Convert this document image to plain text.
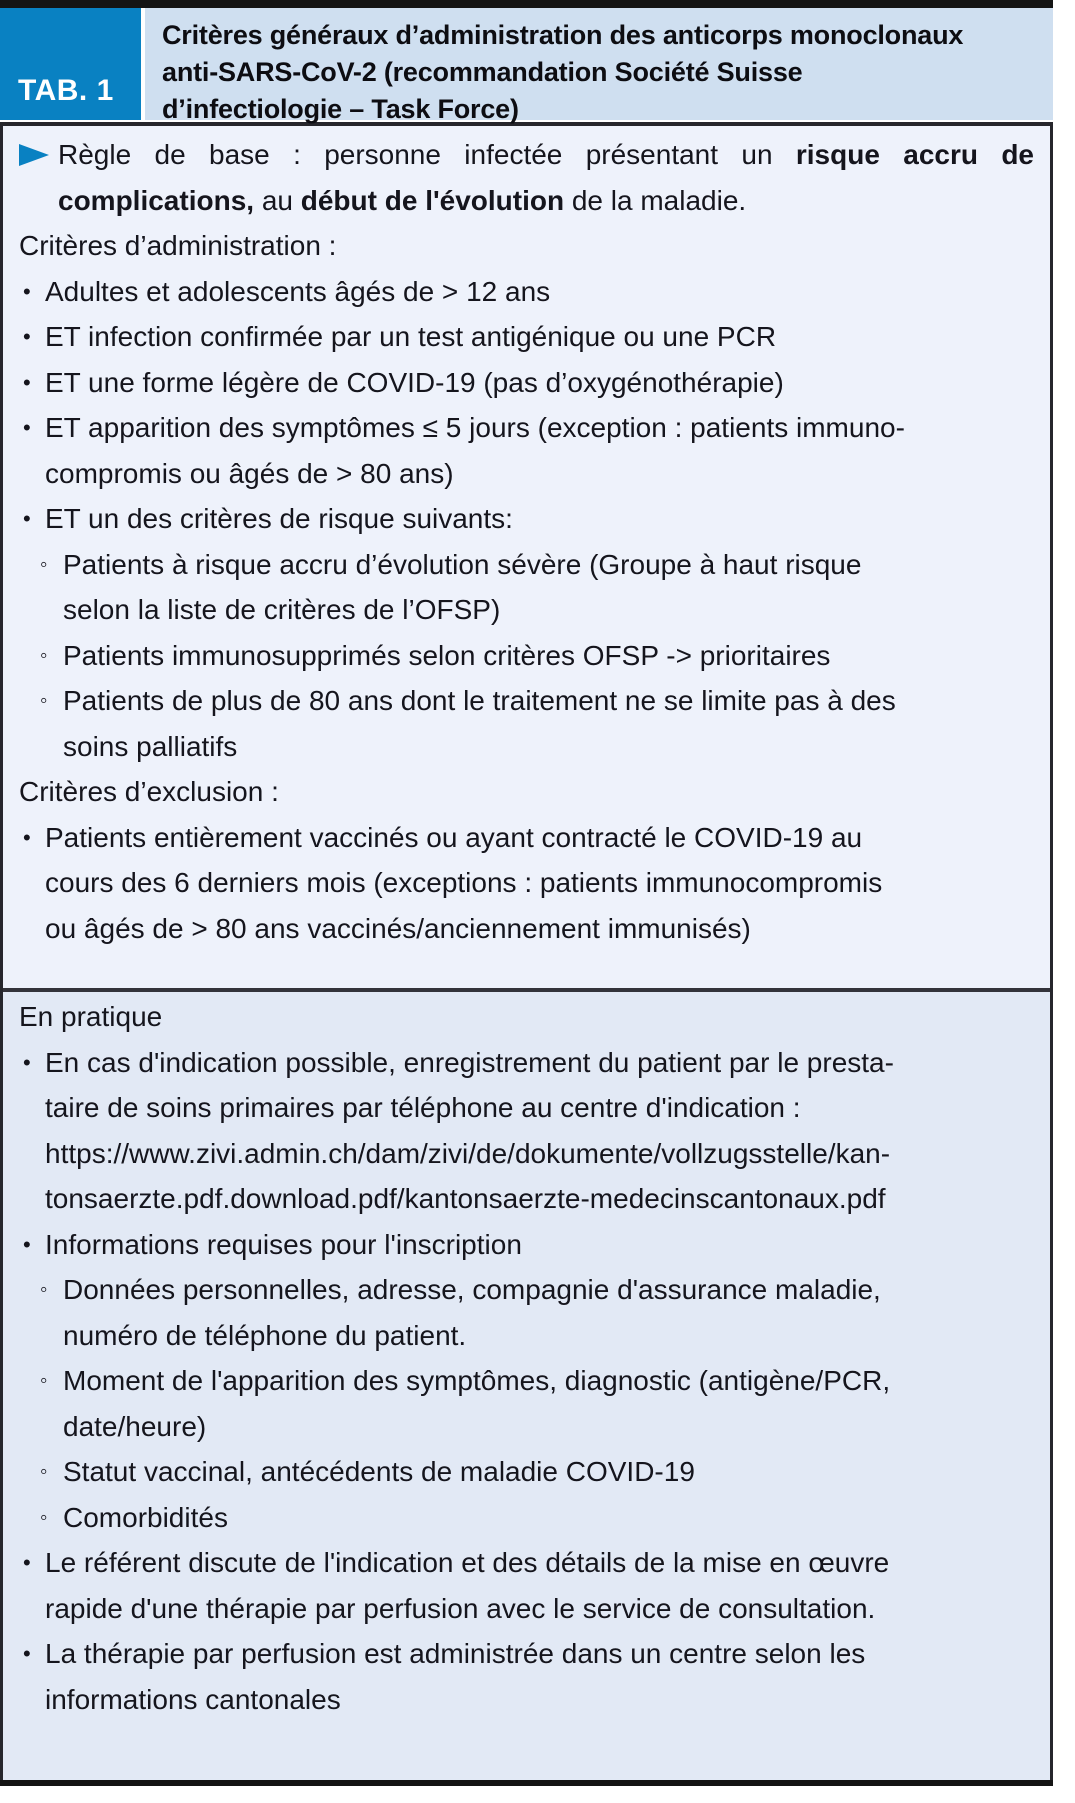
TAB. 1
Critères généraux d’administration des anticorps monoclonaux
anti-SARS-CoV-2 (recommandation Société Suisse
d’infectiologie – Task Force)
Règle de base : personne infectée présentant un risque accru de
complications, au début de l'évolution de la maladie.
Critères d’administration :
• Adultes et adolescents âgés de > 12 ans
• ET infection confirmée par un test antigénique ou une PCR
• ET une forme légère de COVID-19 (pas d’oxygénothérapie)
• ET apparition des symptômes ≤ 5 jours (exception : patients immuno-
compromis ou âgés de > 80 ans)
• ET un des critères de risque suivants:
◦ Patients à risque accru d’évolution sévère (Groupe à haut risque
selon la liste de critères de l’OFSP)
◦ Patients immunosupprimés selon critères OFSP -> prioritaires
◦ Patients de plus de 80 ans dont le traitement ne se limite pas à des
soins palliatifs
Critères d’exclusion :
• Patients entièrement vaccinés ou ayant contracté le COVID-19 au
cours des 6 derniers mois (exceptions : patients immunocompromis
ou âgés de > 80 ans vaccinés/anciennement immunisés)
En pratique
• En cas d'indication possible, enregistrement du patient par le presta-
taire de soins primaires par téléphone au centre d'indication :
https://www.zivi.admin.ch/dam/zivi/de/dokumente/vollzugsstelle/kan-
tonsaerzte.pdf.download.pdf/kantonsaerzte-medecinscantonaux.pdf
• Informations requises pour l'inscription
◦ Données personnelles, adresse, compagnie d'assurance maladie,
numéro de téléphone du patient.
◦ Moment de l'apparition des symptômes, diagnostic (antigène/PCR,
date/heure)
◦ Statut vaccinal, antécédents de maladie COVID-19
◦ Comorbidités
• Le référent discute de l'indication et des détails de la mise en œuvre
rapide d'une thérapie par perfusion avec le service de consultation.
• La thérapie par perfusion est administrée dans un centre selon les
informations cantonales
